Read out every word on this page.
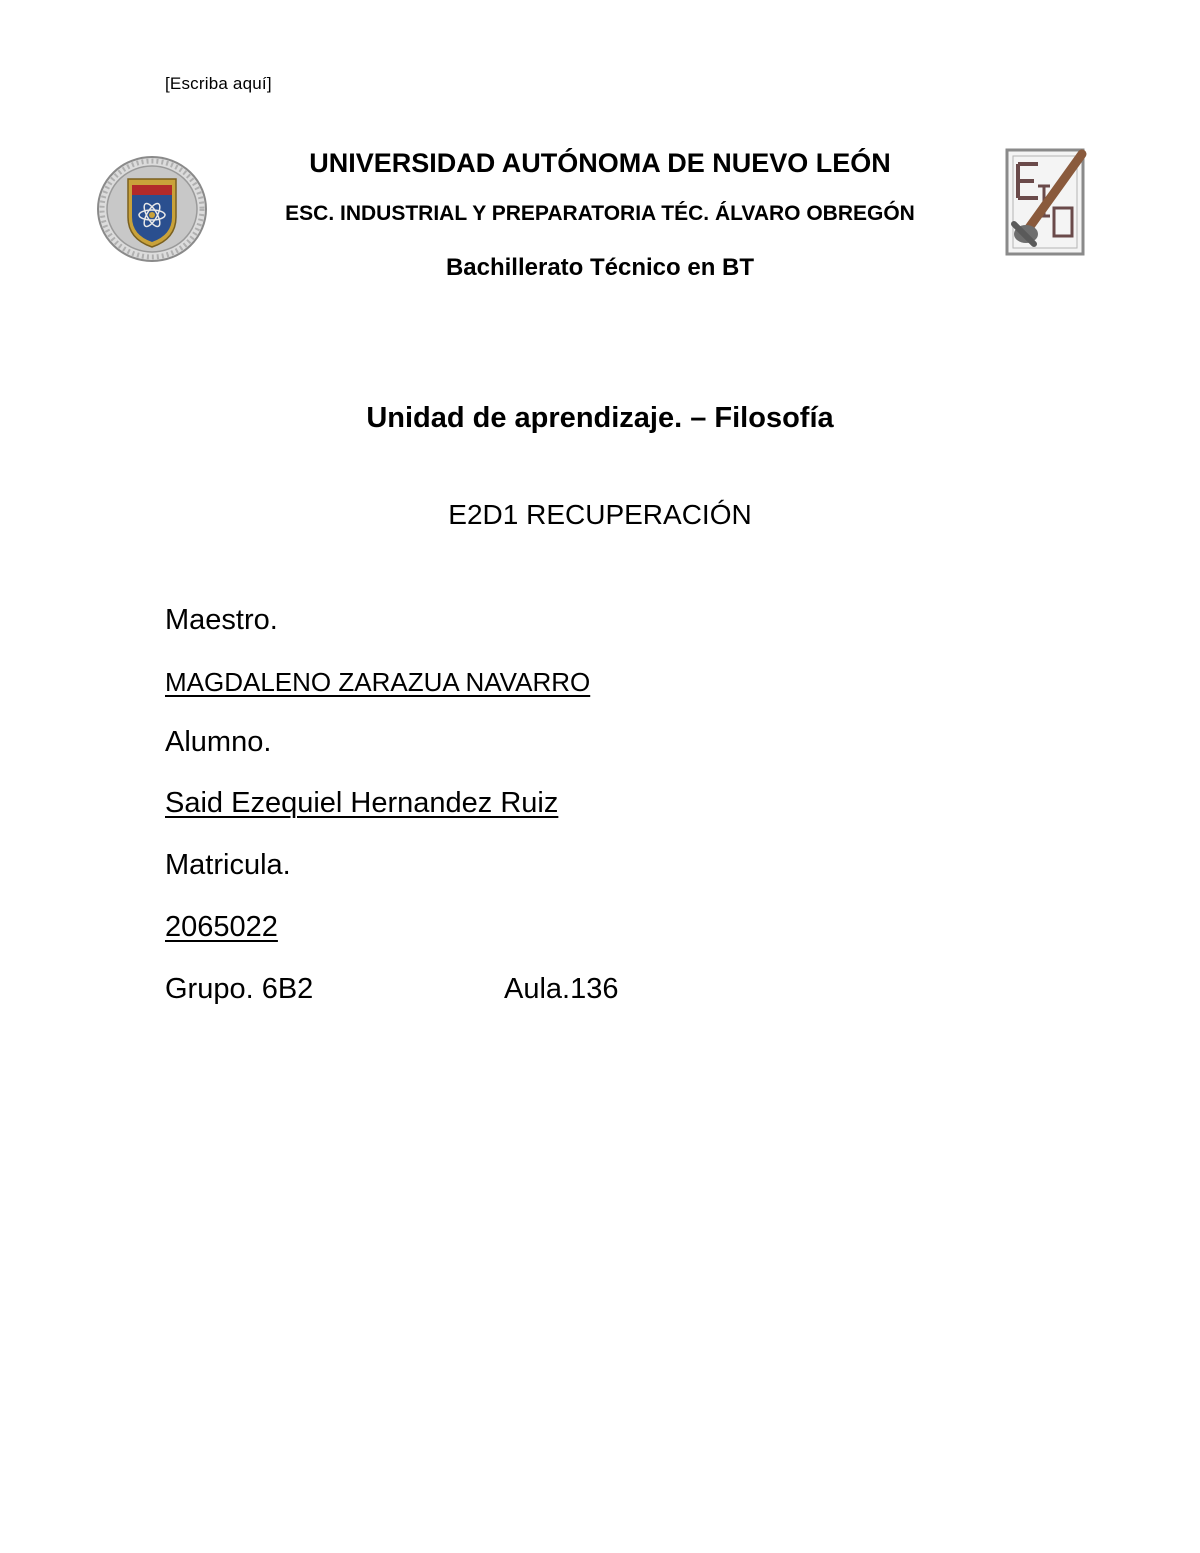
[Escriba aquí]
UNIVERSIDAD AUTÓNOMA DE NUEVO LEÓN
ESC. INDUSTRIAL Y PREPARATORIA TÉC. ÁLVARO OBREGÓN
Bachillerato Técnico en BT
Unidad de aprendizaje. – Filosofía
E2D1 RECUPERACIÓN
Maestro.
MAGDALENO ZARAZUA NAVARRO
Alumno.
Said Ezequiel Hernandez Ruiz
Matricula.
2065022
Grupo. 6B2	Aula.136
